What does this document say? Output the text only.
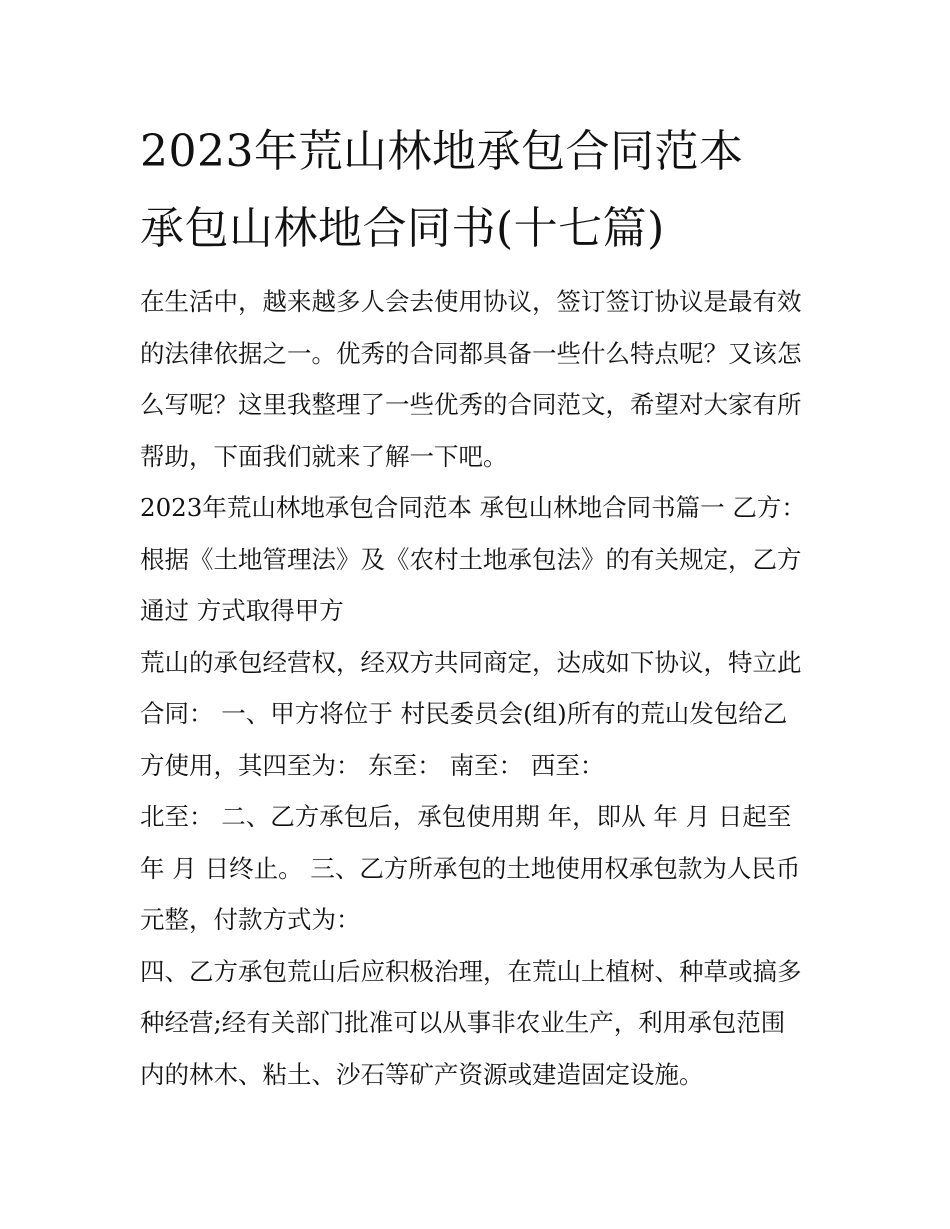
2023年荒山林地承包合同范本
承包山林地合同书(十七篇)

在生活中，越来越多人会去使用协议，签订签订协议是最有效
的法律依据之一。优秀的合同都具备一些什么特点呢？又该怎
么写呢？这里我整理了一些优秀的合同范文，希望对大家有所
帮助，下面我们就来了解一下吧。

2023年荒山林地承包合同范本 承包山林地合同书篇一 乙方：
根据《土地管理法》及《农村土地承包法》的有关规定，乙方
通过 方式取得甲方

荒山的承包经营权，经双方共同商定，达成如下协议，特立此
合同： 一、甲方将位于 村民委员会(组)所有的荒山发包给乙
方使用，其四至为： 东至： 南至： 西至：

北至： 二、乙方承包后，承包使用期 年，即从 年 月 日起至
年 月 日终止。 三、乙方所承包的土地使用权承包款为人民币
元整，付款方式为：

四、乙方承包荒山后应积极治理，在荒山上植树、种草或搞多
种经营;经有关部门批准可以从事非农业生产，利用承包范围
内的林木、粘土、沙石等矿产资源或建造固定设施。
